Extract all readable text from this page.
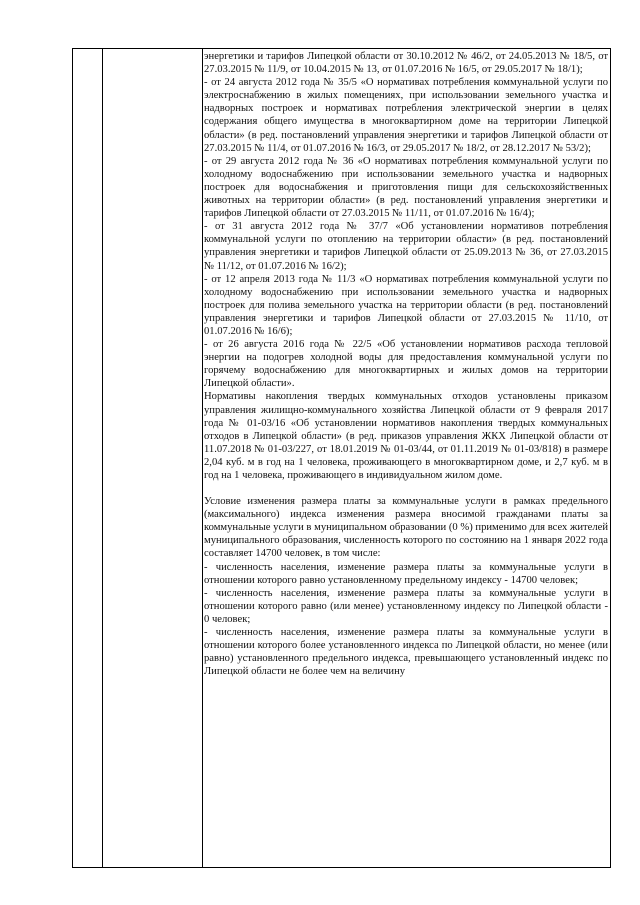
энергетики и тарифов Липецкой области от 30.10.2012 № 46/2, от 24.05.2013 № 18/5, от 27.03.2015 № 11/9, от 10.04.2015 № 13, от 01.07.2016 № 16/5, от 29.05.2017 № 18/1);

- от 24 августа 2012 года № 35/5 «О нормативах потребления коммунальной услуги по электроснабжению в жилых помещениях, при использовании земельного участка и надворных построек и нормативах потребления электрической энергии в целях содержания общего имущества в многоквартирном доме на территории Липецкой области» (в ред. постановлений управления энергетики и тарифов Липецкой области от 27.03.2015 № 11/4, от 01.07.2016 № 16/3, от 29.05.2017 № 18/2, от 28.12.2017 № 53/2);

- от 29 августа 2012 года № 36 «О нормативах потребления коммунальной услуги по холодному водоснабжению при использовании земельного участка и надворных построек для водоснабжения и приготовления пищи для сельскохозяйственных животных на территории области» (в ред. постановлений управления энергетики и тарифов Липецкой области от 27.03.2015 № 11/11, от 01.07.2016 № 16/4);

- от 31 августа 2012 года № 37/7 «Об установлении нормативов потребления коммунальной услуги по отоплению на территории области» (в ред. постановлений управления энергетики и тарифов Липецкой области от 25.09.2013 № 36, от 27.03.2015 № 11/12, от 01.07.2016 № 16/2);

- от 12 апреля 2013 года № 11/3 «О нормативах потребления коммунальной услуги по холодному водоснабжению при использовании земельного участка и надворных построек для полива земельного участка на территории области (в ред. постановлений управления энергетики и тарифов Липецкой области от 27.03.2015 № 11/10, от 01.07.2016 № 16/6);

- от 26 августа 2016 года № 22/5 «Об установлении нормативов расхода тепловой энергии на подогрев холодной воды для предоставления коммунальной услуги по горячему водоснабжению для многоквартирных и жилых домов на территории Липецкой области».

Нормативы накопления твердых коммунальных отходов установлены приказом управления жилищно-коммунального хозяйства Липецкой области от 9 февраля 2017 года № 01-03/16 «Об установлении нормативов накопления твердых коммунальных отходов в Липецкой области» (в ред. приказов управления ЖКХ Липецкой области от 11.07.2018 № 01-03/227, от 18.01.2019 № 01-03/44, от 01.11.2019 № 01-03/818) в размере 2,04 куб. м в год на 1 человека, проживающего в многоквартирном доме, и 2,7 куб. м в год на 1 человека, проживающего в индивидуальном жилом доме.

Условие изменения размера платы за коммунальные услуги в рамках предельного (максимального) индекса изменения размера вносимой гражданами платы за коммунальные услуги в муниципальном образовании (0 %) применимо для всех жителей муниципального образования, численность которого по состоянию на 1 января 2022 года составляет 14700 человек, в том числе:

- численность населения, изменение размера платы за коммунальные услуги в отношении которого равно установленному предельному индексу - 14700 человек;

- численность населения, изменение размера платы за коммунальные услуги в отношении которого равно (или менее) установленному индексу по Липецкой области - 0 человек;

- численность населения, изменение размера платы за коммунальные услуги в отношении которого более установленного индекса по Липецкой области, но менее (или равно) установленного предельного индекса, превышающего установленный индекс по Липецкой области не более чем на величину
